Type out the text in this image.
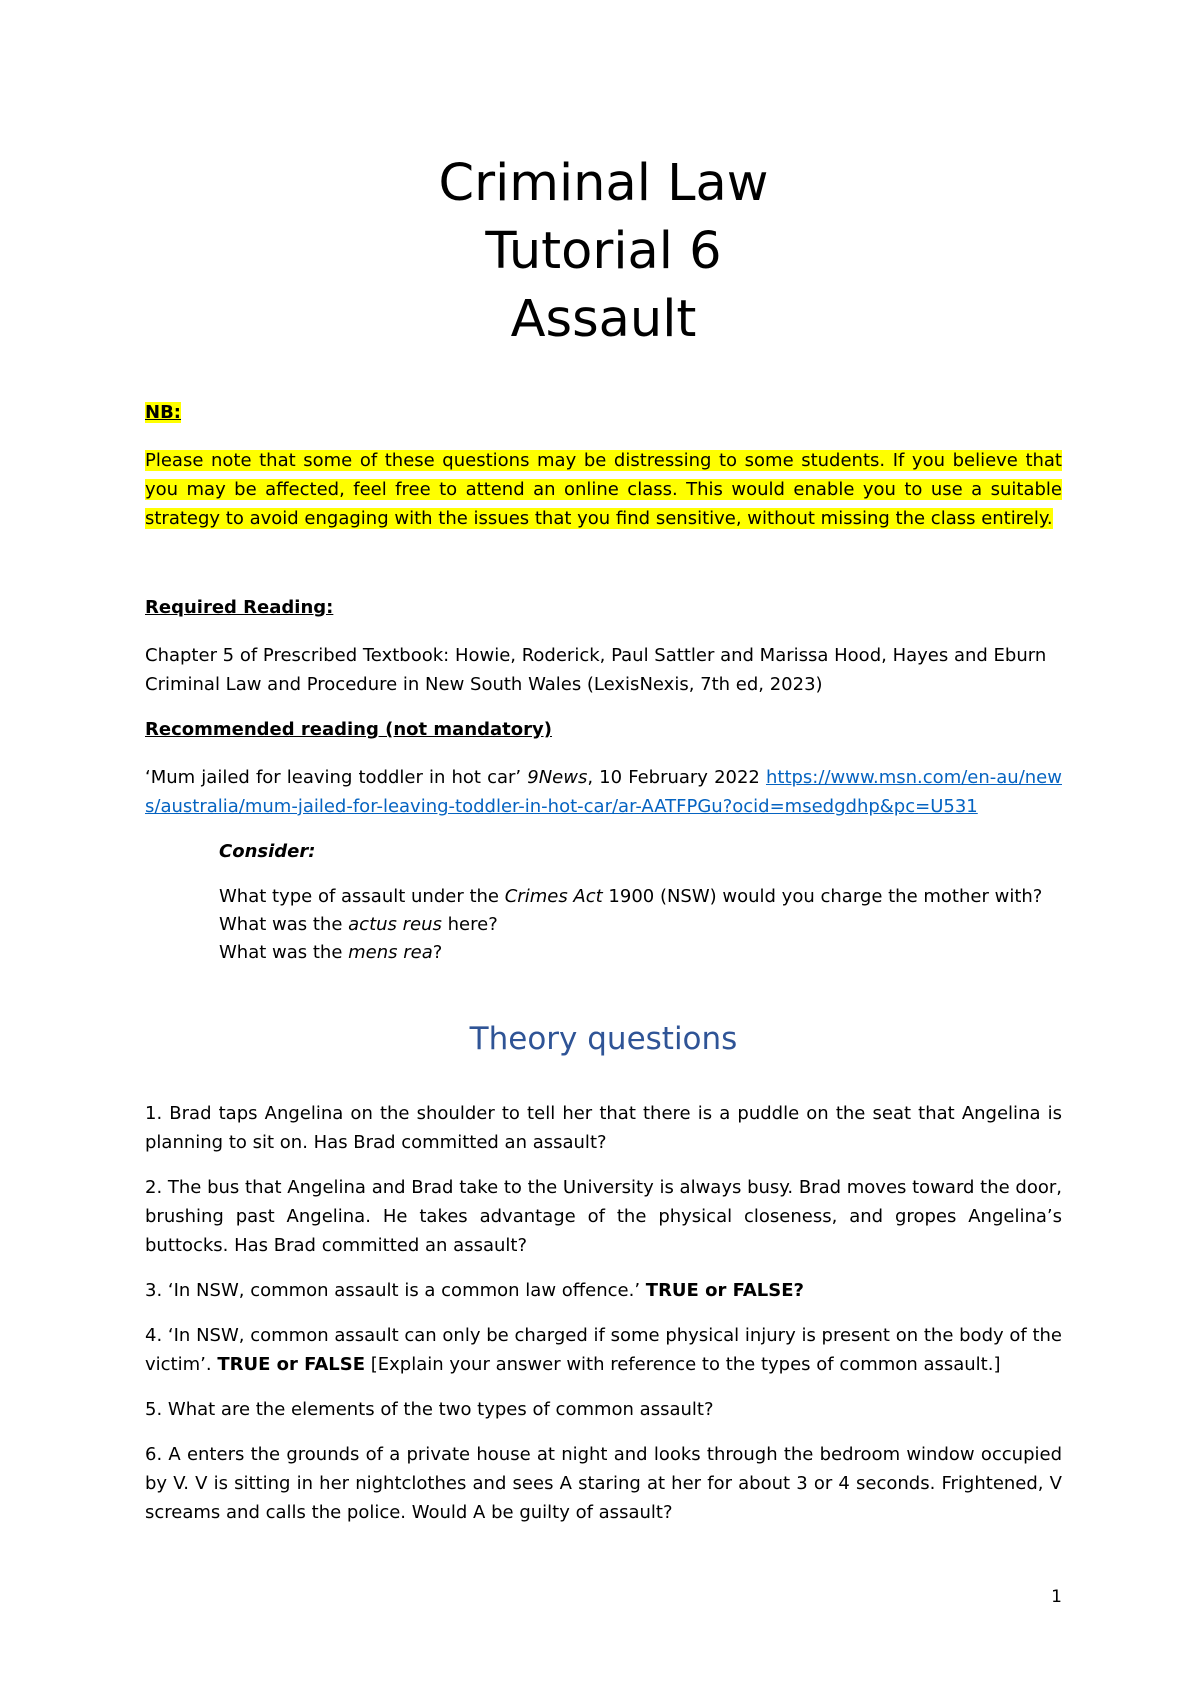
Criminal Law
Tutorial 6
Assault

NB:

Please note that some of these questions may be distressing to some students. If you believe that you may be affected, feel free to attend an online class. This would enable you to use a suitable strategy to avoid engaging with the issues that you find sensitive, without missing the class entirely.

Required Reading:

Chapter 5 of Prescribed Textbook: Howie, Roderick, Paul Sattler and Marissa Hood, Hayes and Eburn Criminal Law and Procedure in New South Wales (LexisNexis, 7th ed, 2023)

Recommended reading (not mandatory)

‘Mum jailed for leaving toddler in hot car’ 9News, 10 February 2022 https://www.msn.com/en-au/news/australia/mum-jailed-for-leaving-toddler-in-hot-car/ar-AATFPGu?ocid=msedgdhp&pc=U531

Consider:

What type of assault under the Crimes Act 1900 (NSW) would you charge the mother with?

What was the actus reus here?

What was the mens rea?

Theory questions

1. Brad taps Angelina on the shoulder to tell her that there is a puddle on the seat that Angelina is planning to sit on. Has Brad committed an assault?

2. The bus that Angelina and Brad take to the University is always busy. Brad moves toward the door, brushing past Angelina. He takes advantage of the physical closeness, and gropes Angelina’s buttocks. Has Brad committed an assault?

3. ‘In NSW, common assault is a common law offence.’ TRUE or FALSE?

4. ‘In NSW, common assault can only be charged if some physical injury is present on the body of the victim’. TRUE or FALSE [Explain your answer with reference to the types of common assault.]

5. What are the elements of the two types of common assault?

6. A enters the grounds of a private house at night and looks through the bedroom window occupied by V. V is sitting in her nightclothes and sees A staring at her for about 3 or 4 seconds. Frightened, V screams and calls the police. Would A be guilty of assault?

1
